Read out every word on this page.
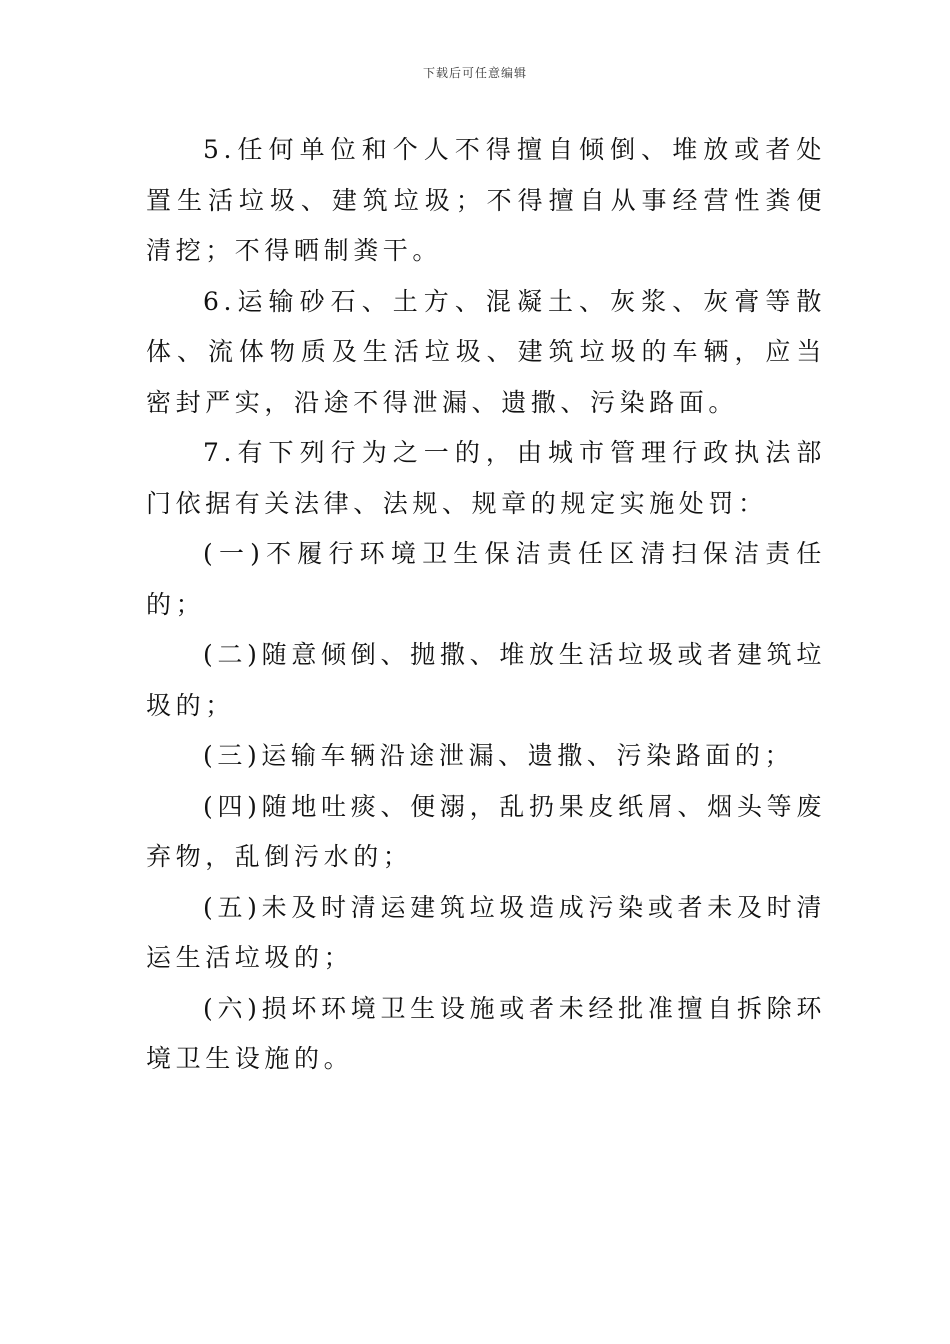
下载后可任意编辑

5.任何单位和个人不得擅自倾倒、堆放或者处置生活垃圾、建筑垃圾；不得擅自从事经营性粪便清挖；不得晒制粪干。

6.运输砂石、土方、混凝土、灰浆、灰膏等散体、流体物质及生活垃圾、建筑垃圾的车辆，应当密封严实，沿途不得泄漏、遗撒、污染路面。

7.有下列行为之一的，由城市管理行政执法部门依据有关法律、法规、规章的规定实施处罚：

(一)不履行环境卫生保洁责任区清扫保洁责任的；

(二)随意倾倒、抛撒、堆放生活垃圾或者建筑垃圾的；

(三)运输车辆沿途泄漏、遗撒、污染路面的；

(四)随地吐痰、便溺，乱扔果皮纸屑、烟头等废弃物，乱倒污水的；

(五)未及时清运建筑垃圾造成污染或者未及时清运生活垃圾的；

(六)损坏环境卫生设施或者未经批准擅自拆除环境卫生设施的。
